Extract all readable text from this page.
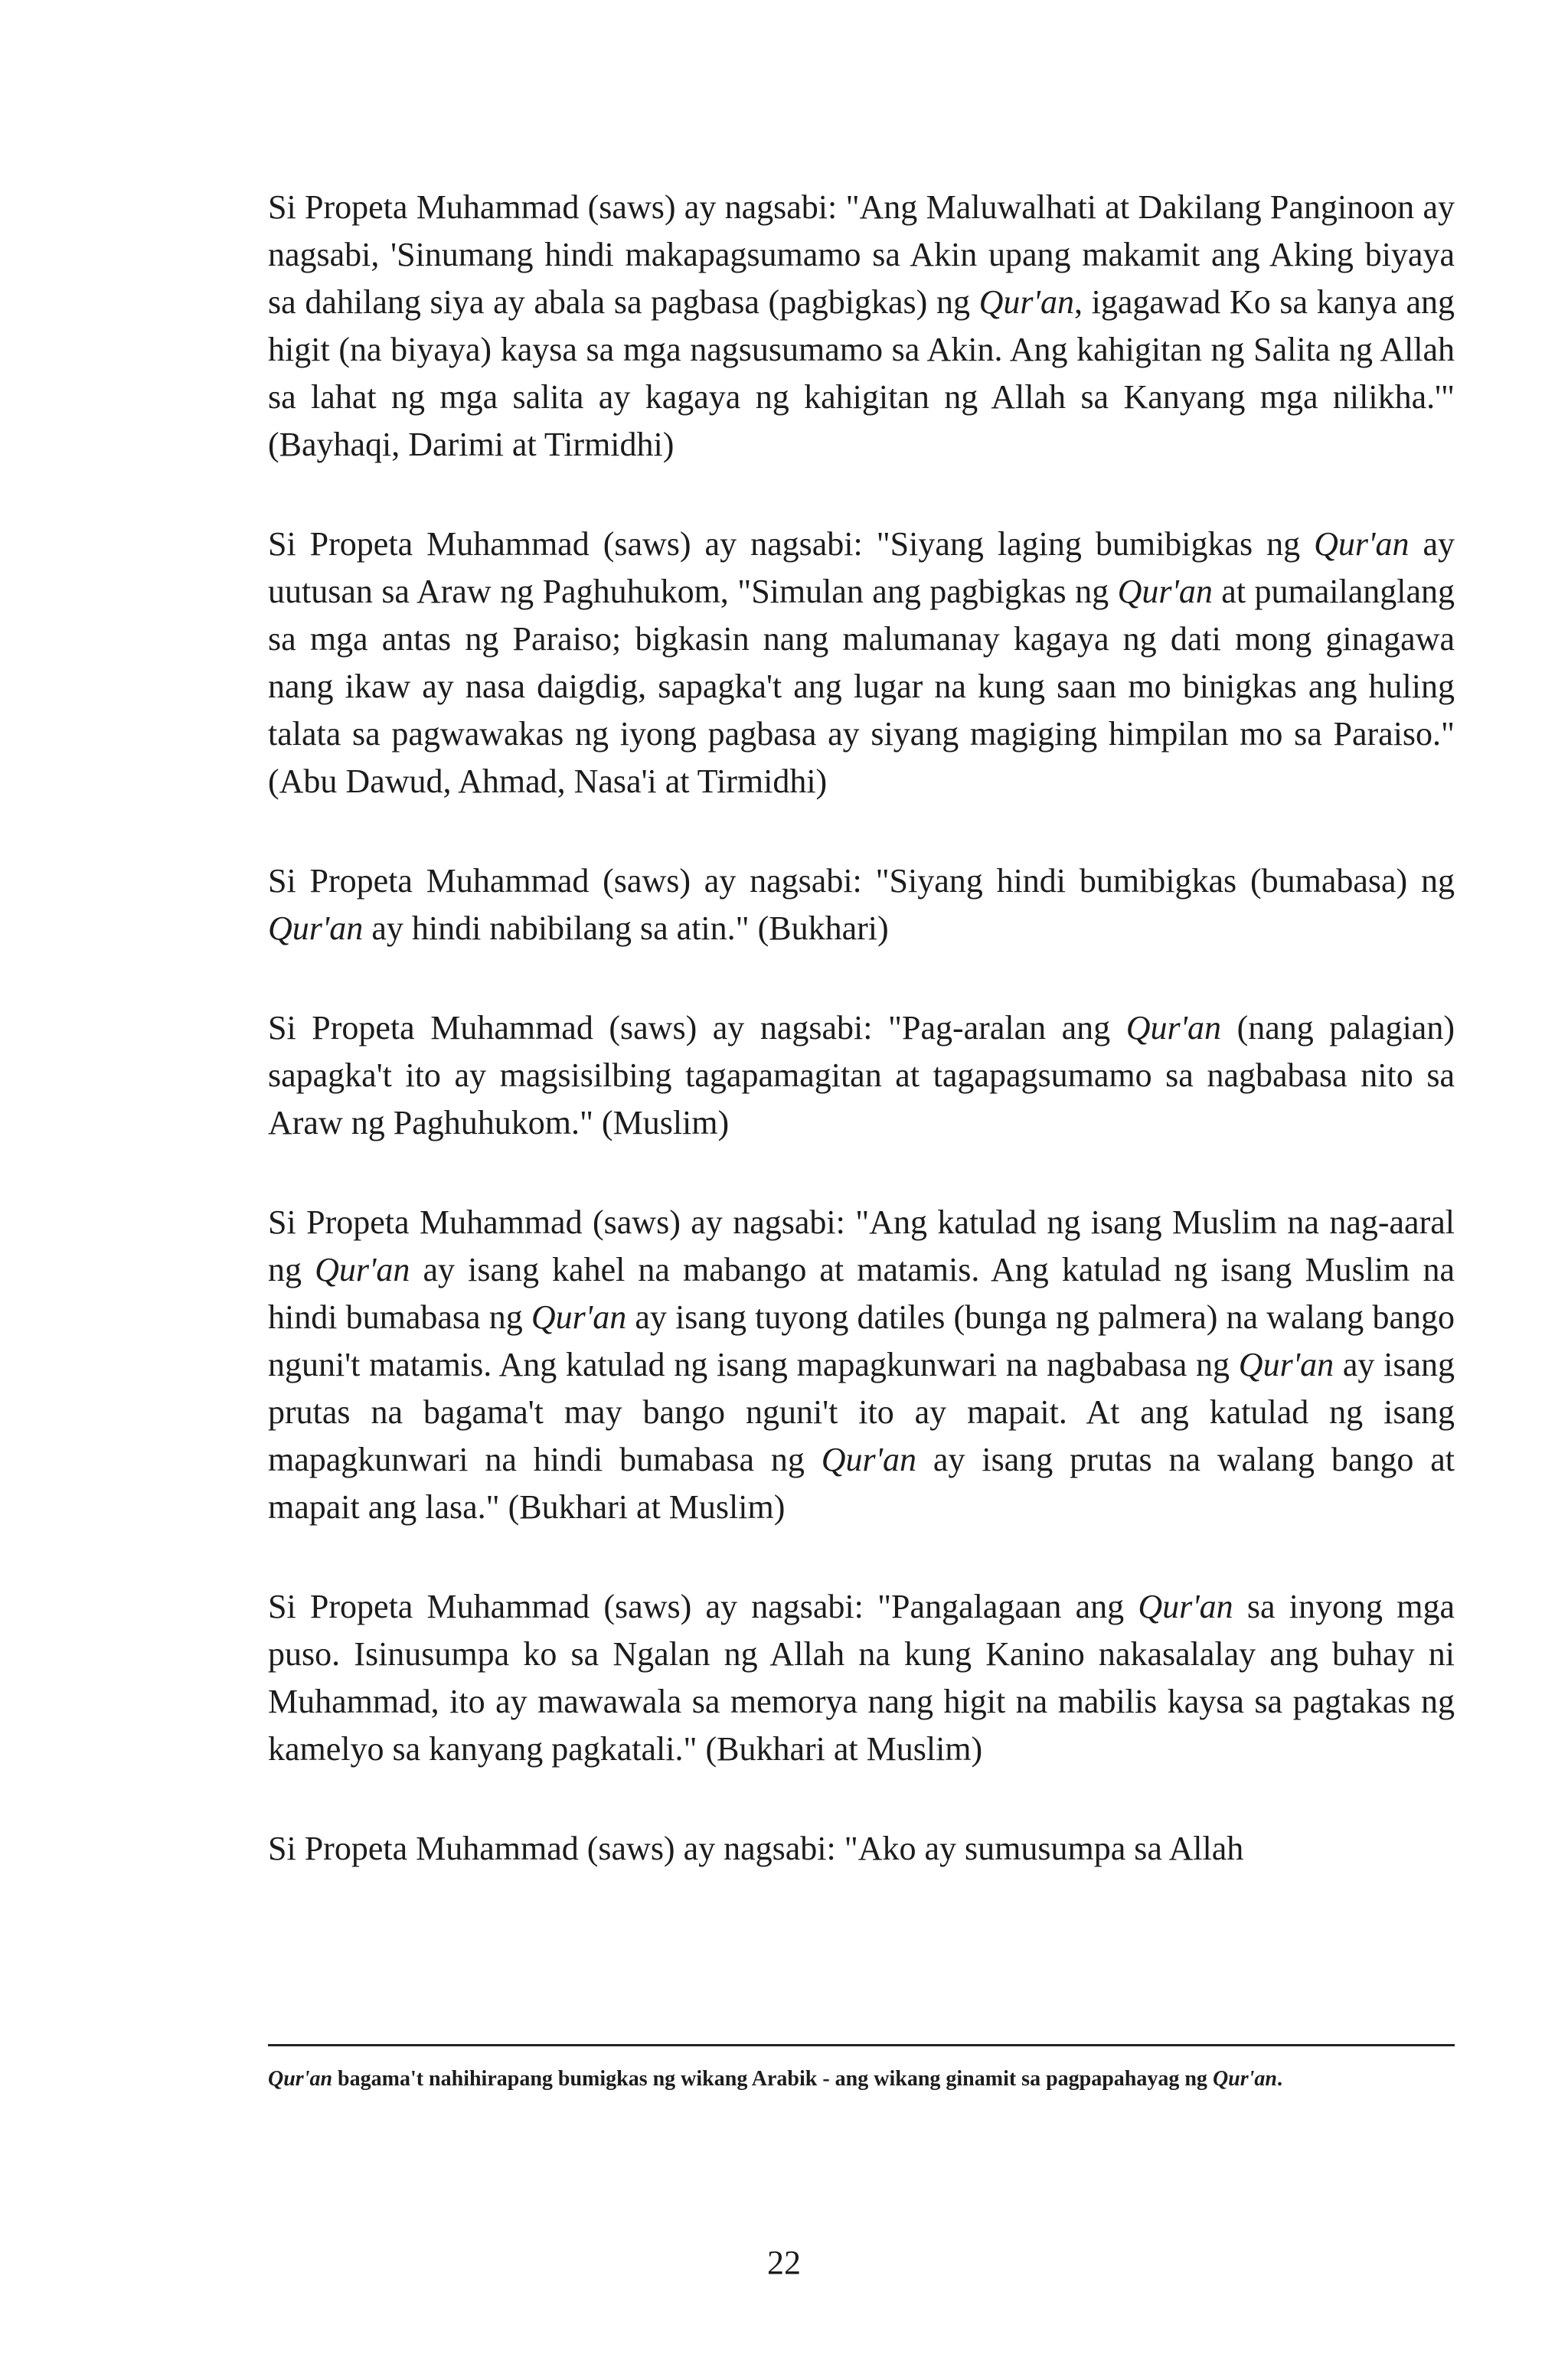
Si Propeta Muhammad (saws) ay nagsabi: "Ang Maluwalhati at Dakilang Panginoon ay nagsabi, 'Sinumang hindi makapagsumamo sa Akin upang makamit ang Aking biyaya sa dahilang siya ay abala sa pagbasa (pagbigkas) ng Qur'an, igagawad Ko sa kanya ang higit (na biyaya) kaysa sa mga nagsusumamo sa Akin. Ang kahigitan ng Salita ng Allah sa lahat ng mga salita ay kagaya ng kahigitan ng Allah sa Kanyang mga nilikha.'" (Bayhaqi, Darimi at Tirmidhi)

Si Propeta Muhammad (saws) ay nagsabi: "Siyang laging bumibigkas ng Qur'an ay uutusan sa Araw ng Paghuhukom, "Simulan ang pagbigkas ng Qur'an at pumailanglang sa mga antas ng Paraiso; bigkasin nang malumanay kagaya ng dati mong ginagawa nang ikaw ay nasa daigdig, sapagka't ang lugar na kung saan mo binigkas ang huling talata sa pagwawakas ng iyong pagbasa ay siyang magiging himpilan mo sa Paraiso." (Abu Dawud, Ahmad, Nasa'i at Tirmidhi)

Si Propeta Muhammad (saws) ay nagsabi: "Siyang hindi bumibigkas (bumabasa) ng Qur'an ay hindi nabibilang sa atin." (Bukhari)

Si Propeta Muhammad (saws) ay nagsabi: "Pag-aralan ang Qur'an (nang palagian) sapagka't ito ay magsisilbing tagapamagitan at tagapagsumamo sa nagbabasa nito sa Araw ng Paghuhukom." (Muslim)

Si Propeta Muhammad (saws) ay nagsabi: "Ang katulad ng isang Muslim na nag-aaral ng Qur'an ay isang kahel na mabango at matamis. Ang katulad ng isang Muslim na hindi bumabasa ng Qur'an ay isang tuyong datiles (bunga ng palmera) na walang bango nguni't matamis. Ang katulad ng isang mapagkunwari na nagbabasa ng Qur'an ay isang prutas na bagama't may bango nguni't ito ay mapait. At ang katulad ng isang mapagkunwari na hindi bumabasa ng Qur'an ay isang prutas na walang bango at mapait ang lasa." (Bukhari at Muslim)

Si Propeta Muhammad (saws) ay nagsabi: "Pangalagaan ang Qur'an sa inyong mga puso. Isinusumpa ko sa Ngalan ng Allah na kung Kanino nakasalalay ang buhay ni Muhammad, ito ay mawawala sa memorya nang higit na mabilis kaysa sa pagtakas ng kamelyo sa kanyang pagkatali." (Bukhari at Muslim)

Si Propeta Muhammad (saws) ay nagsabi: "Ako ay sumusumpa sa Allah

Qur'an bagama't nahihirapang bumigkas ng wikang Arabik - ang wikang ginamit sa pagpapahayag ng Qur'an.
22
